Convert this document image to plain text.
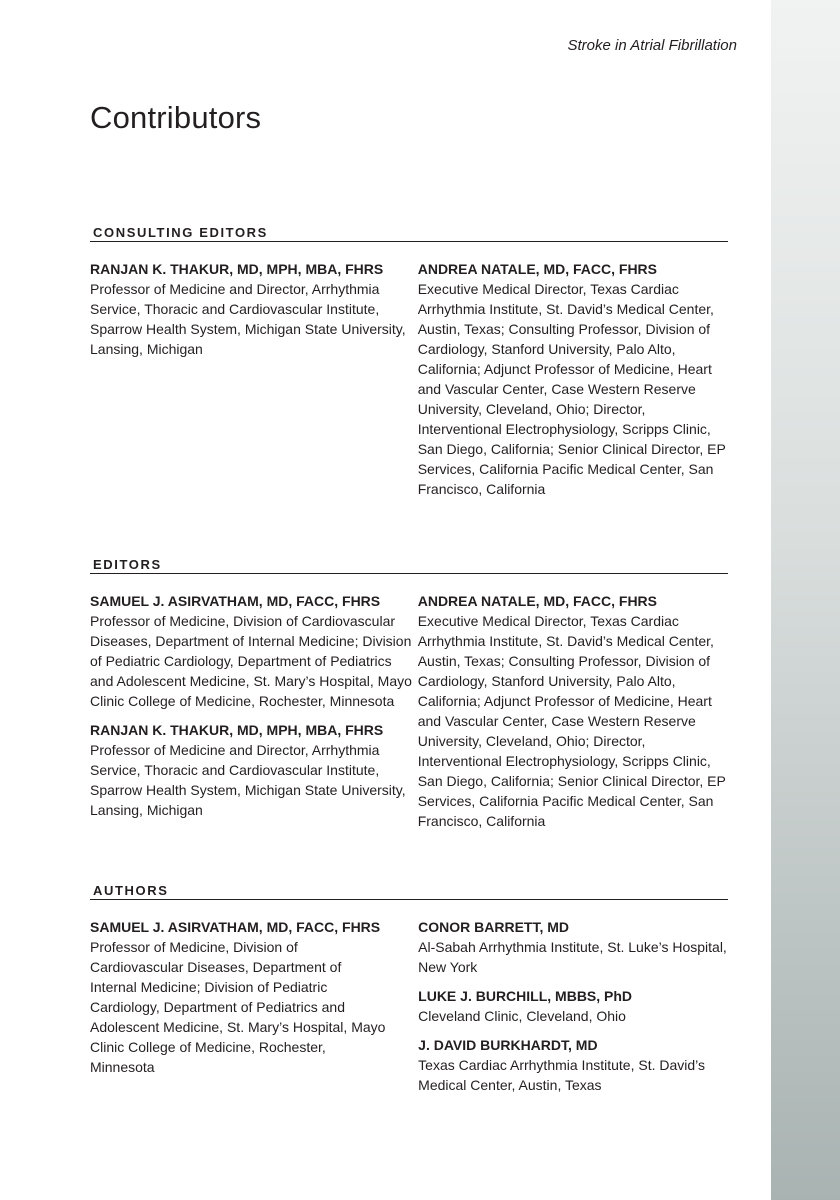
Stroke in Atrial Fibrillation
Contributors
CONSULTING EDITORS
RANJAN K. THAKUR, MD, MPH, MBA, FHRS
Professor of Medicine and Director, Arrhythmia Service, Thoracic and Cardiovascular Institute, Sparrow Health System, Michigan State University, Lansing, Michigan
ANDREA NATALE, MD, FACC, FHRS
Executive Medical Director, Texas Cardiac Arrhythmia Institute, St. David’s Medical Center, Austin, Texas; Consulting Professor, Division of Cardiology, Stanford University, Palo Alto, California; Adjunct Professor of Medicine, Heart and Vascular Center, Case Western Reserve University, Cleveland, Ohio; Director, Interventional Electrophysiology, Scripps Clinic, San Diego, California; Senior Clinical Director, EP Services, California Pacific Medical Center, San Francisco, California
EDITORS
SAMUEL J. ASIRVATHAM, MD, FACC, FHRS
Professor of Medicine, Division of Cardiovascular Diseases, Department of Internal Medicine; Division of Pediatric Cardiology, Department of Pediatrics and Adolescent Medicine, St. Mary’s Hospital, Mayo Clinic College of Medicine, Rochester, Minnesota
RANJAN K. THAKUR, MD, MPH, MBA, FHRS
Professor of Medicine and Director, Arrhythmia Service, Thoracic and Cardiovascular Institute, Sparrow Health System, Michigan State University, Lansing, Michigan
ANDREA NATALE, MD, FACC, FHRS
Executive Medical Director, Texas Cardiac Arrhythmia Institute, St. David’s Medical Center, Austin, Texas; Consulting Professor, Division of Cardiology, Stanford University, Palo Alto, California; Adjunct Professor of Medicine, Heart and Vascular Center, Case Western Reserve University, Cleveland, Ohio; Director, Interventional Electrophysiology, Scripps Clinic, San Diego, California; Senior Clinical Director, EP Services, California Pacific Medical Center, San Francisco, California
AUTHORS
SAMUEL J. ASIRVATHAM, MD, FACC, FHRS
Professor of Medicine, Division of Cardiovascular Diseases, Department of Internal Medicine; Division of Pediatric Cardiology, Department of Pediatrics and Adolescent Medicine, St. Mary’s Hospital, Mayo Clinic College of Medicine, Rochester, Minnesota
CONOR BARRETT, MD
Al-Sabah Arrhythmia Institute, St. Luke’s Hospital, New York
LUKE J. BURCHILL, MBBS, PhD
Cleveland Clinic, Cleveland, Ohio
J. DAVID BURKHARDT, MD
Texas Cardiac Arrhythmia Institute, St. David’s Medical Center, Austin, Texas
